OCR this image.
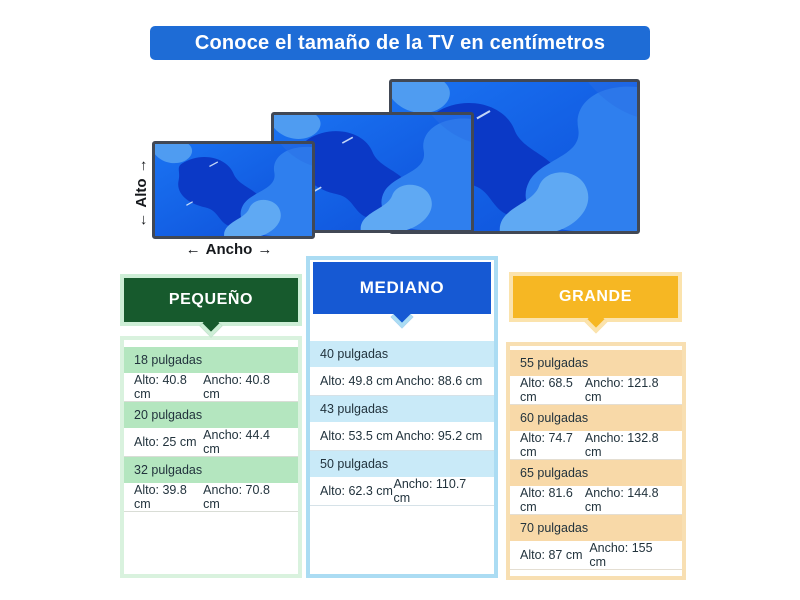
Conoce el tamaño de la TV en centímetros
←
Alto
→
← Ancho →
PEQUEÑO
18 pulgadas
Alto: 40.8 cm
Ancho: 40.8 cm
20 pulgadas
Alto: 25 cm Ancho: 44.4 cm
32 pulgadas
Alto: 39.8 cm
Ancho: 70.8 cm
40 pulgadas
Alto: 49.8 cm Ancho: 88.6 cm
43 pulgadas
Alto: 53.5 cm Ancho: 95.2 cm
50 pulgadas
Alto: 62.3 cm Ancho: 110.7 cm
MEDIANO	GRANDE
55 pulgadas
Alto: 68.5 cm
Ancho: 121.8 cm
60 pulgadas
Alto: 74.7 cm
Ancho: 132.8 cm
65 pulgadas
Alto: 81.6 cm
Ancho: 144.8 cm
70 pulgadas
Alto: 87 cm Ancho: 155 cm
